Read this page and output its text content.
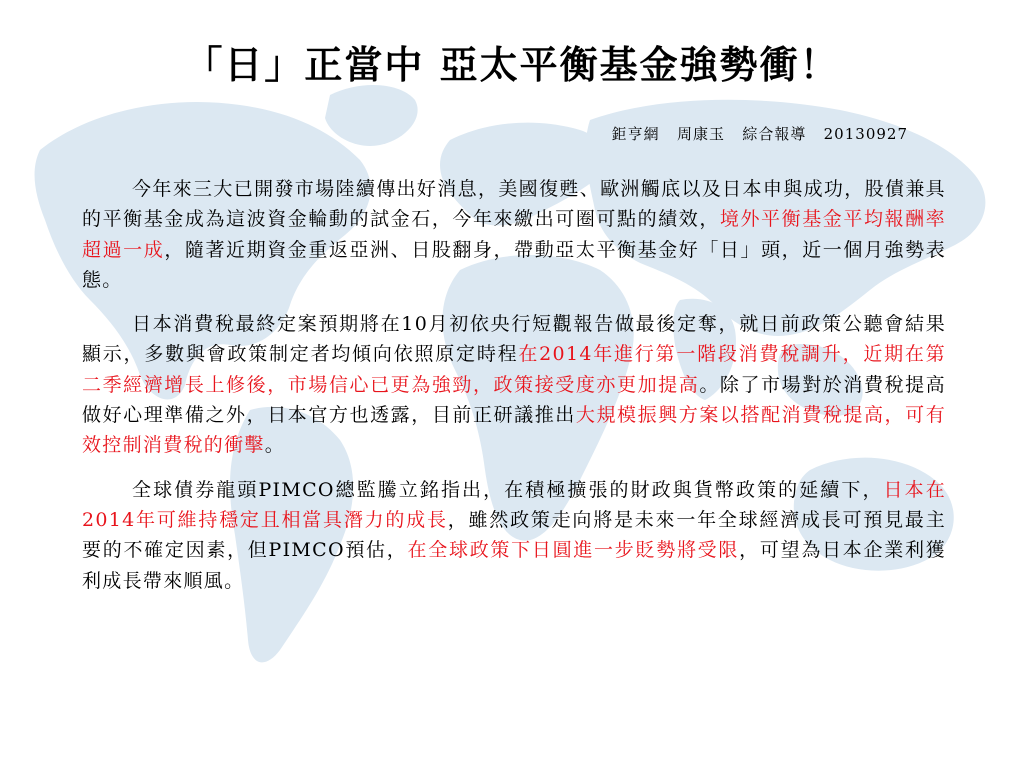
「日」正當中 亞太平衡基金強勢衝！
鉅亨網 周康玉 綜合報導 20130927

今年來三大已開發市場陸續傳出好消息，美國復甦、歐洲觸底以及日本申與成功，股債兼具的平衡基金成為這波資金輪動的試金石，今年來繳出可圈可點的績效，境外平衡基金平均報酬率超過一成，隨著近期資金重返亞洲、日股翻身，帶動亞太平衡基金好「日」頭，近一個月強勢表態。

日本消費稅最終定案預期將在10月初依央行短觀報告做最後定奪，就日前政策公聽會結果顯示，多數與會政策制定者均傾向依照原定時程在2014年進行第一階段消費稅調升，近期在第二季經濟增長上修後，市場信心已更為強勁，政策接受度亦更加提高。除了市場對於消費稅提高做好心理準備之外，日本官方也透露，目前正研議推出大規模振興方案以搭配消費稅提高，可有效控制消費稅的衝擊。

全球債券龍頭PIMCO總監騰立銘指出，在積極擴張的財政與貨幣政策的延續下，日本在2014年可維持穩定且相當具潛力的成長，雖然政策走向將是未來一年全球經濟成長可預見最主要的不確定因素，但PIMCO預估，在全球政策下日圓進一步貶勢將受限，可望為日本企業利獲利成長帶來順風。
